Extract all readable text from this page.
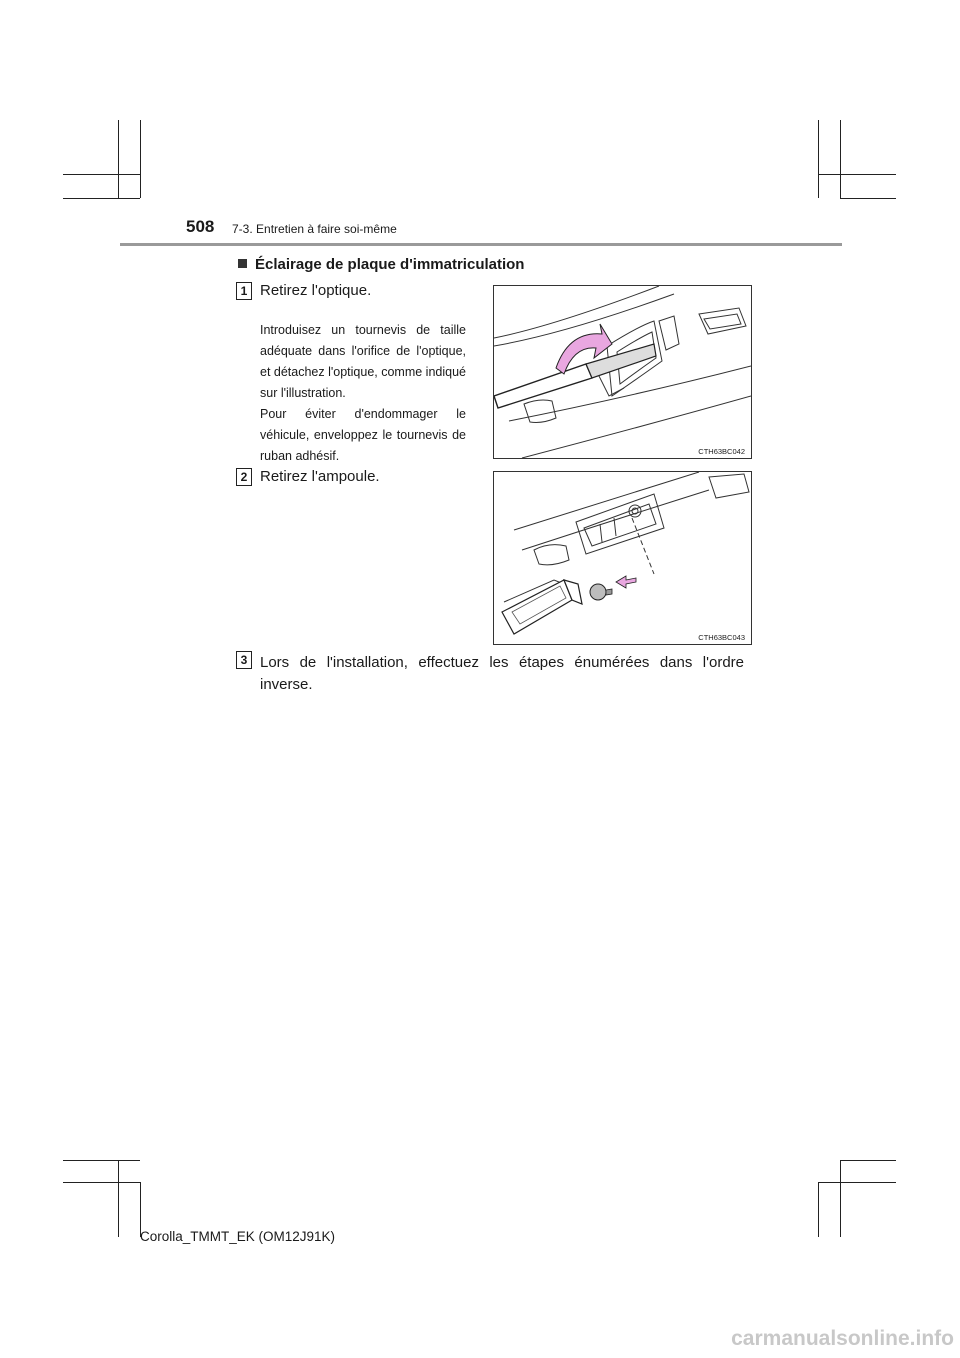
508 7-3. Entretien à faire soi-même
Éclairage de plaque d'immatriculation
1 Retirez l'optique.
Introduisez un tournevis de taille adéquate dans l'orifice de l'optique, et détachez l'optique, comme indiqué sur l'illustration.
Pour éviter d'endommager le véhicule, enveloppez le tournevis de ruban adhésif.	CTH63BC042
2 Retirez l'ampoule.
CTH63BC043
3 Lors de l'installation, effectuez les étapes énumérées dans l'ordre inverse.
Corolla_TMMT_EK (OM12J91K)
carmanualsonline.info
